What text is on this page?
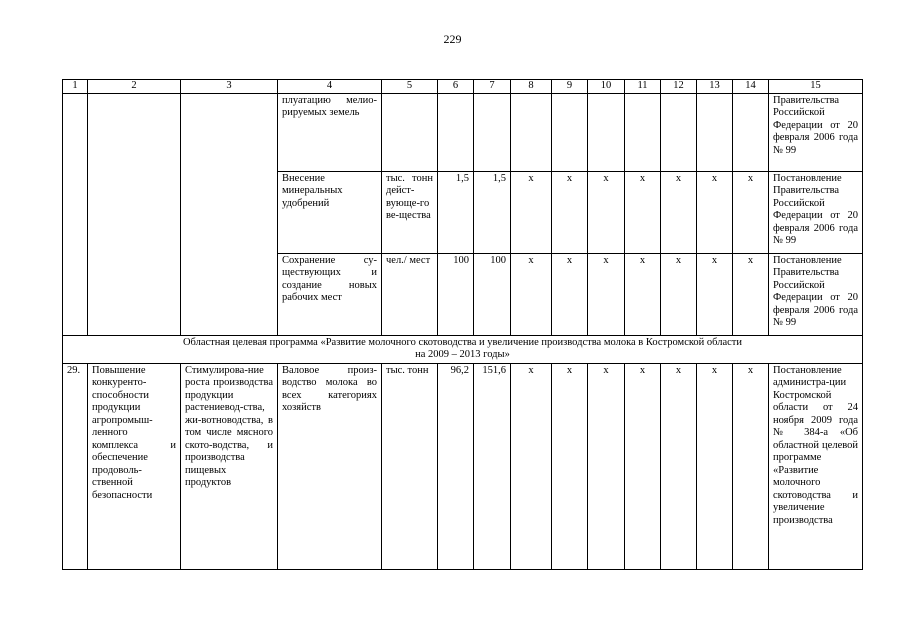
229
1	2	3	4	5	6	7	8	9	10	11	12	13	14	15
			плуатацию мелио-рируемых земель											Правительства Российской Федерации от 20 февраля 2006 года № 99
			Внесение минеральных удобрений	тыс. тонн дейст-вующе-го ве-щества	1,5	1,5	x	x	x	x	x	x	x	Постановление Правительства Российской Федерации от 20 февраля 2006 года № 99
			Сохранение су-ществующих и создание новых рабочих мест	чел./ мест	100	100	x	x	x	x	x	x	x	Постановление Правительства Российской Федерации от 20 февраля 2006 года № 99

Областная целевая программа «Развитие молочного скотоводства и увеличение производства молока в Костромской области
на 2009 – 2013 годы»														

29.	Повышение конкуренто-способности продукции агропромыш-ленного комплекса и обеспечение продоволь-ственной безопасности	Стимулирова-ние роста производства продукции растениевод-ства, жи-вотноводства, в том числе мясного ското-водства, и производства пищевых продуктов	Валовое произ-водство молока во всех категориях хозяйств	тыс. тонн	96,2	151,6	x	x	x	x	x	x	x	Постановление администра-ции Костромской области от 24 ноября 2009 года № 384-а «Об областной целевой программе «Развитие молочного скотоводства и увеличение производства
